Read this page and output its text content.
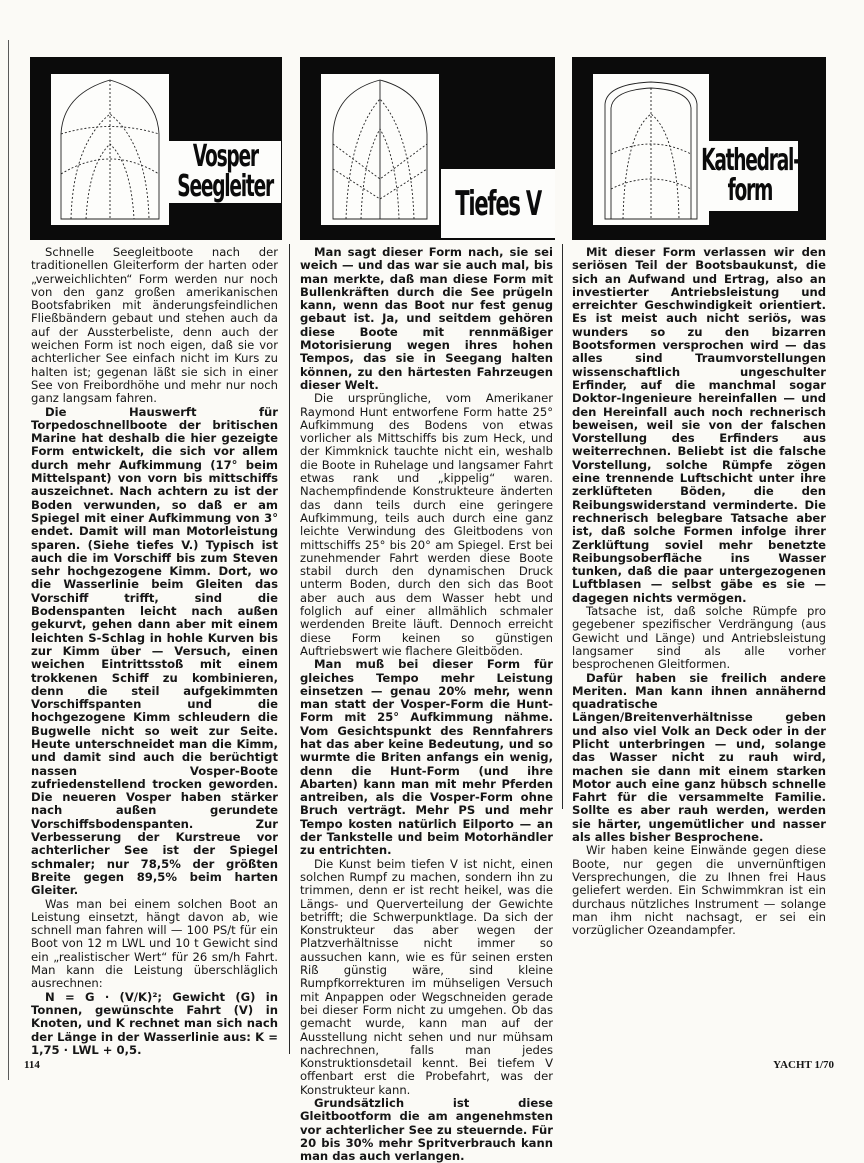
Vosper
Seegleiter	Tiefes V
Kathedral-
form

Schnelle Seegleitboote nach der traditionellen Gleiterform der harten oder „verweichlichten“ Form werden nur noch von den ganz großen amerikanischen Bootsfabriken mit änderungsfeindlichen Fließbändern gebaut und stehen auch da auf der Aussterbeliste, denn auch der weichen Form ist noch eigen, daß sie vor achterlicher See einfach nicht im Kurs zu halten ist; gegenan läßt sie sich in einer See von Freibordhöhe und mehr nur noch ganz langsam fahren.

Die Hauswerft für Torpedoschnellboote der britischen Marine hat deshalb die hier gezeigte Form entwickelt, die sich vor allem durch mehr Aufkimmung (17° beim Mittelspant) von vorn bis mittschiffs auszeichnet. Nach achtern zu ist der Boden verwunden, so daß er am Spiegel mit einer Aufkimmung von 3° endet. Damit will man Motorleistung sparen. (Siehe tiefes V.) Typisch ist auch die im Vorschiff bis zum Steven sehr hochgezogene Kimm. Dort, wo die Wasserlinie beim Gleiten das Vorschiff trifft, sind die Bodenspanten leicht nach außen gekurvt, gehen dann aber mit einem leichten S-Schlag in hohle Kurven bis zur Kimm über — Versuch, einen weichen Eintrittsstoß mit einem trokkenen Schiff zu kombinieren, denn die steil aufgekimmten Vorschiffspanten und die hochgezogene Kimm schleudern die Bugwelle nicht so weit zur Seite. Heute unterschneidet man die Kimm, und damit sind auch die berüchtigt nassen Vosper-Boote zufriedenstellend trocken geworden. Die neueren Vosper haben stärker nach außen gerundete Vorschiffsbodenspanten. Zur Verbesserung der Kurstreue vor achterlicher See ist der Spiegel schmaler; nur 78,5% der größten Breite gegen 89,5% beim harten Gleiter.

Was man bei einem solchen Boot an Leistung einsetzt, hängt davon ab, wie schnell man fahren will — 100 PS/t für ein Boot von 12 m LWL und 10 t Gewicht sind ein „realistischer Wert“ für 26 sm/h Fahrt. Man kann die Leistung überschläglich ausrechnen:

N = G · (V/K)²; Gewicht (G) in Tonnen, gewünschte Fahrt (V) in Knoten, und K rechnet man sich nach der Länge in der Wasserlinie aus: K = 1,75 · LWL + 0,5.

Man sagt dieser Form nach, sie sei weich — und das war sie auch mal, bis man merkte, daß man diese Form mit Bullenkräften durch die See prügeln kann, wenn das Boot nur fest genug gebaut ist. Ja, und seitdem gehören diese Boote mit rennmäßiger Motorisierung wegen ihres hohen Tempos, das sie in Seegang halten können, zu den härtesten Fahrzeugen dieser Welt.

Die ursprüngliche, vom Amerikaner Raymond Hunt entworfene Form hatte 25° Aufkimmung des Bodens von etwas vorlicher als Mittschiffs bis zum Heck, und der Kimmknick tauchte nicht ein, weshalb die Boote in Ruhelage und langsamer Fahrt etwas rank und „kippelig“ waren. Nachempfindende Konstrukteure änderten das dann teils durch eine geringere Aufkimmung, teils auch durch eine ganz leichte Verwindung des Gleitbodens von mittschiffs 25° bis 20° am Spiegel. Erst bei zunehmender Fahrt werden diese Boote stabil durch den dynamischen Druck unterm Boden, durch den sich das Boot aber auch aus dem Wasser hebt und folglich auf einer allmählich schmaler werdenden Breite läuft. Dennoch erreicht diese Form keinen so günstigen Auftriebswert wie flachere Gleitböden.

Man muß bei dieser Form für gleiches Tempo mehr Leistung einsetzen — genau 20% mehr, wenn man statt der Vosper-Form die Hunt-Form mit 25° Aufkimmung nähme. Vom Gesichtspunkt des Rennfahrers hat das aber keine Bedeutung, und so wurmte die Briten anfangs ein wenig, denn die Hunt-Form (und ihre Abarten) kann man mit mehr Pferden antreiben, als die Vosper-Form ohne Bruch verträgt. Mehr PS und mehr Tempo kosten natürlich Eilporto — an der Tankstelle und beim Motorhändler zu entrichten.

Die Kunst beim tiefen V ist nicht, einen solchen Rumpf zu machen, sondern ihn zu trimmen, denn er ist recht heikel, was die Längs- und Querverteilung der Gewichte betrifft; die Schwerpunktlage. Da sich der Konstrukteur das aber wegen der Platzverhältnisse nicht immer so aussuchen kann, wie es für seinen ersten Riß günstig wäre, sind kleine Rumpfkorrekturen im mühseligen Versuch mit Anpappen oder Wegschneiden gerade bei dieser Form nicht zu umgehen. Ob das gemacht wurde, kann man auf der Ausstellung nicht sehen und nur mühsam nachrechnen, falls man jedes Konstruktionsdetail kennt. Bei tiefem V offenbart erst die Probefahrt, was der Konstrukteur kann.

Grundsätzlich ist diese Gleitbootform die am angenehmsten vor achterlicher See zu steuernde. Für 20 bis 30% mehr Spritverbrauch kann man das auch verlangen.

Mit dieser Form verlassen wir den seriösen Teil der Bootsbaukunst, die sich an Aufwand und Ertrag, also an investierter Antriebsleistung und erreichter Geschwindigkeit orientiert. Es ist meist auch nicht seriös, was wunders so zu den bizarren Bootsformen versprochen wird — das alles sind Traumvorstellungen wissenschaftlich ungeschulter Erfinder, auf die manchmal sogar Doktor-Ingenieure hereinfallen — und den Hereinfall auch noch rechnerisch beweisen, weil sie von der falschen Vorstellung des Erfinders aus weiterrechnen. Beliebt ist die falsche Vorstellung, solche Rümpfe zögen eine trennende Luftschicht unter ihre zerklüfteten Böden, die den Reibungswiderstand verminderte. Die rechnerisch belegbare Tatsache aber ist, daß solche Formen infolge ihrer Zerklüftung soviel mehr benetzte Reibungsoberfläche ins Wasser tunken, daß die paar untergezogenen Luftblasen — selbst gäbe es sie — dagegen nichts vermögen.

Tatsache ist, daß solche Rümpfe pro gegebener spezifischer Verdrängung (aus Gewicht und Länge) und Antriebsleistung langsamer sind als alle vorher besprochenen Gleitformen.

Dafür haben sie freilich andere Meriten. Man kann ihnen annähernd quadratische Längen/Breitenverhältnisse geben und also viel Volk an Deck oder in der Plicht unterbringen — und, solange das Wasser nicht zu rauh wird, machen sie dann mit einem starken Motor auch eine ganz hübsch schnelle Fahrt für die versammelte Familie. Sollte es aber rauh werden, werden sie härter, ungemütlicher und nasser als alles bisher Besprochene.

Wir haben keine Einwände gegen diese Boote, nur gegen die unvernünftigen Versprechungen, die zu Ihnen frei Haus geliefert werden. Ein Schwimmkran ist ein durchaus nützliches Instrument — solange man ihm nicht nachsagt, er sei ein vorzüglicher Ozeandampfer.

114	YACHT 1/70
